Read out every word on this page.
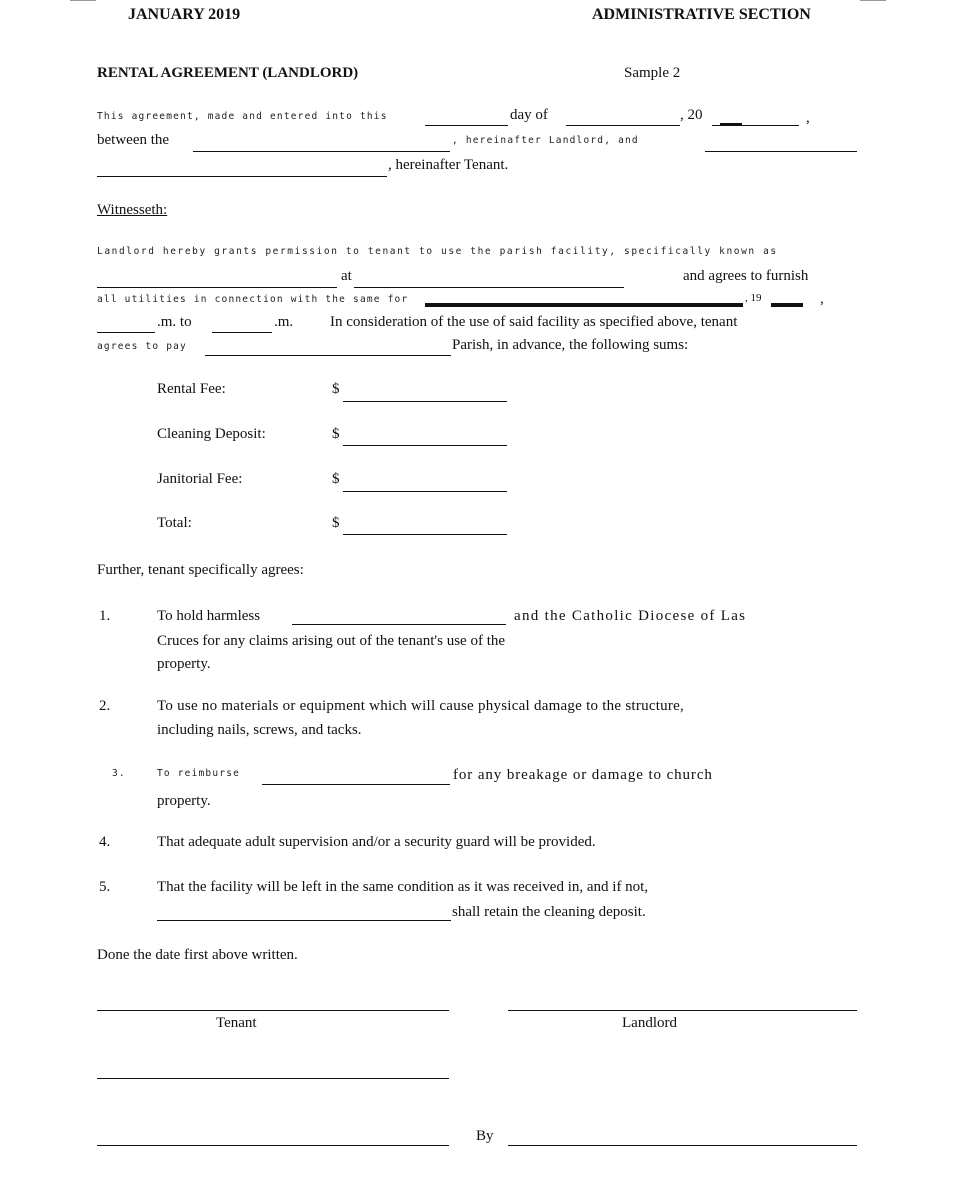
JANUARY 2019	ADMINISTRATIVE SECTION
RENTAL AGREEMENT (LANDLORD)	Sample 2
This agreement, made and entered into this	day of	, 20	,
between the	, hereinafter Landlord, and
, hereinafter Tenant.
Witnesseth:
Landlord hereby grants permission to tenant to use the parish facility, specifically known as
at	and agrees to furnish
all utilities in connection with the same for	, 19	,
.m. to	.m. In consideration of the use of said facility as specified above, tenant
agrees to pay	Parish, in advance, the following sums:
Rental Fee:	$
Cleaning Deposit:	$
Janitorial Fee:	$
Total:	$
Further, tenant specifically agrees:
1.	To hold harmless	and the Catholic Diocese of Las
Cruces for any claims arising out of the tenant's use of the
property.
2.	To use no materials or equipment which will cause physical damage to the structure,
including nails, screws, and tacks.
3.	To reimburse	for any breakage or damage to church
property.
4.	That adequate adult supervision and/or a security guard will be provided.
5.	That the facility will be left in the same condition as it was received in, and if not,
shall retain the cleaning deposit.
Done the date first above written.
Tenant	Landlord
By
